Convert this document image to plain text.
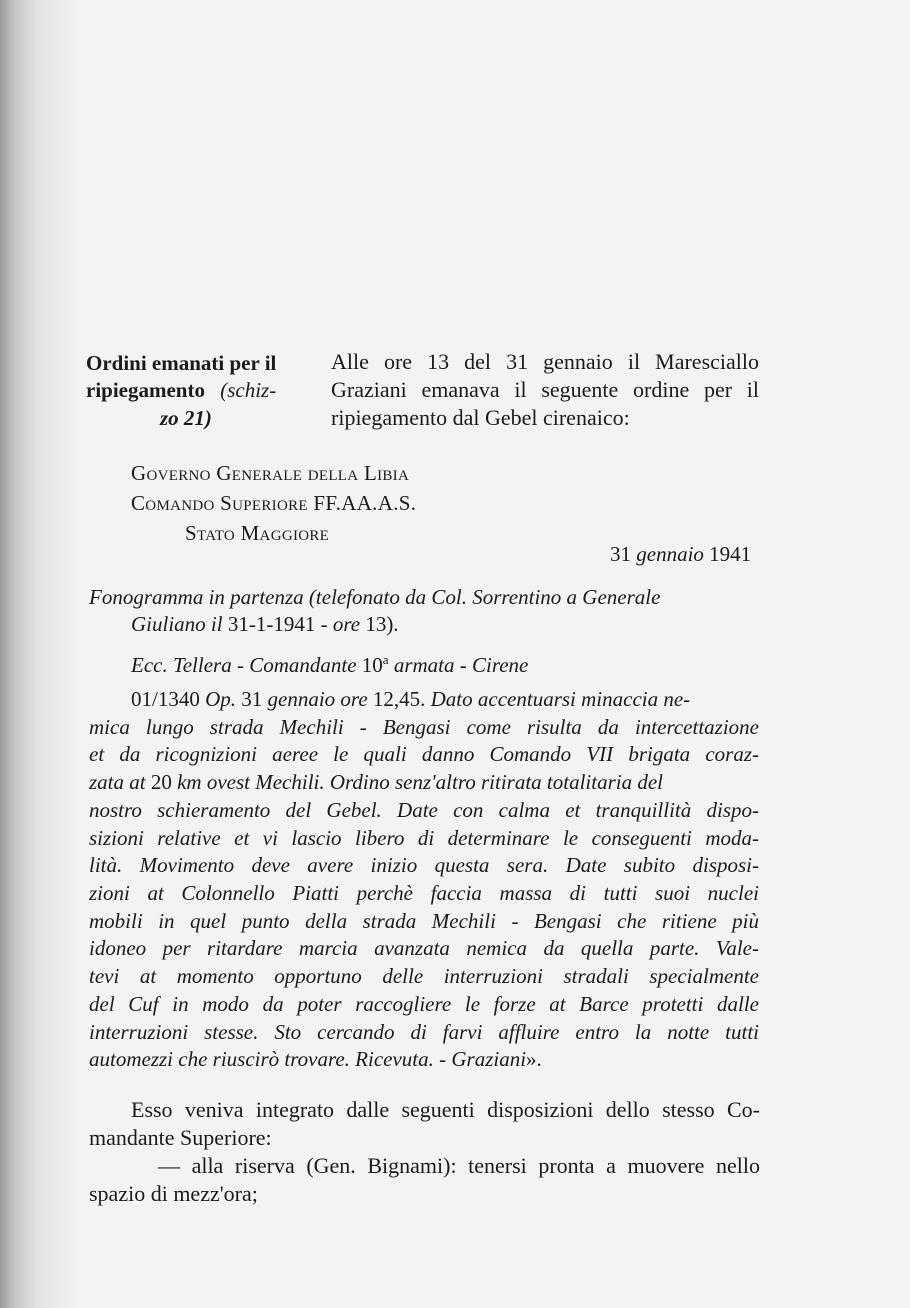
Ordini emanati per il
ripiegamento (schiz-
zo 21)
Alle ore 13 del 31 gennaio il Maresciallo
Graziani emanava il seguente ordine per il
ripiegamento dal Gebel cirenaico:
Governo Generale della Libia
Comando Superiore FF.AA.A.S.
Stato Maggiore
31 gennaio 1941
Fonogramma in partenza (telefonato da Col. Sorrentino a Generale
Giuliano il 31-1-1941 - ore 13).
Ecc. Tellera - Comandante 10$^a$ armata - Cirene
01/1340 Op. 31 gennaio ore 12,45. Dato accentuarsi minaccia ne-
mica lungo strada Mechili - Bengasi come risulta da intercettazione
et da ricognizioni aeree le quali danno Comando VII brigata coraz-
zata at 20 km ovest Mechili. Ordino senz'altro ritirata totalitaria del
nostro schieramento del Gebel. Date con calma et tranquillità dispo-
sizioni relative et vi lascio libero di determinare le conseguenti moda-
lità. Movimento deve avere inizio questa sera. Date subito disposi-
zioni at Colonnello Piatti perchè faccia massa di tutti suoi nuclei
mobili in quel punto della strada Mechili - Bengasi che ritiene più
idoneo per ritardare marcia avanzata nemica da quella parte. Vale-
tevi at momento opportuno delle interruzioni stradali specialmente
del Cuf in modo da poter raccogliere le forze at Barce protetti dalle
interruzioni stesse. Sto cercando di farvi affluire entro la notte tutti
automezzi che riuscirò trovare. Ricevuta. - Graziani».
Esso veniva integrato dalle seguenti disposizioni dello stesso Co-
mandante Superiore:
— alla riserva (Gen. Bignami): tenersi pronta a muovere nello
spazio di mezz'ora;
